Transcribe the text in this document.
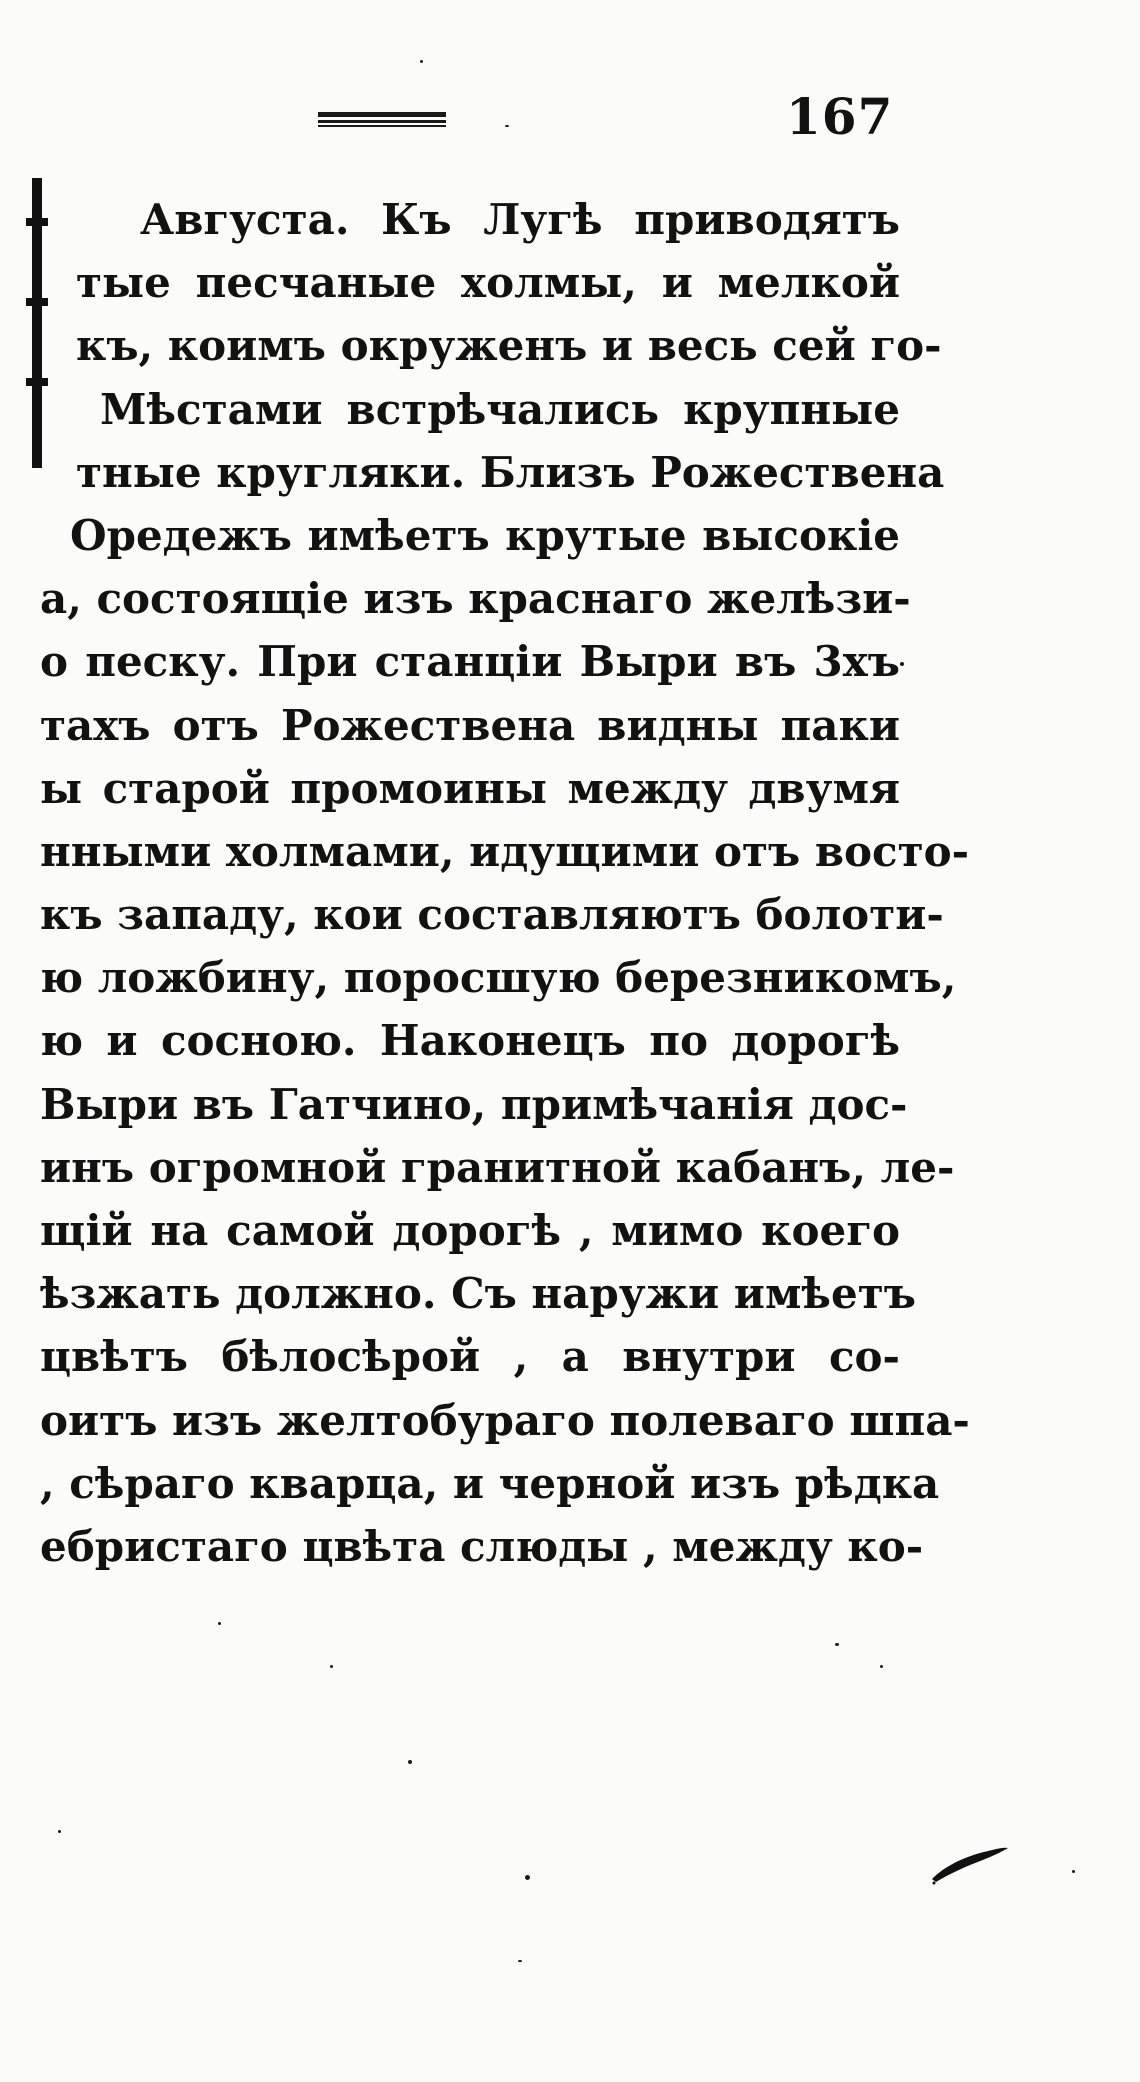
167
Августа. Къ Лугѣ приводятъ
тые песчаные холмы, и мелкой
къ, коимъ окруженъ и весь сей го-
Мѣстами встрѣчались крупные
тные кругляки. Близъ Рожествена
Оредежъ имѣетъ крутые высокіе
а, состоящіе изъ краснаго желѣзи-
о песку. При станціи Выри въ 3хъ
тахъ отъ Рожествена видны паки
ы старой промоины между двумя
нными холмами, идущими отъ восто-
къ западу, кои составляютъ болоти-
ю ложбину, поросшую березникомъ,
ю и сосною. Наконецъ по дорогѣ
Выри въ Гатчино, примѣчанія дос-
инъ огромной гранитной кабанъ, ле-
щій на самой дорогѣ , мимо коего
ѣзжать должно. Съ наружи имѣетъ
цвѣтъ бѣлосѣрой , а внутри со-
оитъ изъ желтобураго полеваго шпа-
, сѣраго кварца, и черной изъ рѣдка
ебристаго цвѣта слюды , между ко-
